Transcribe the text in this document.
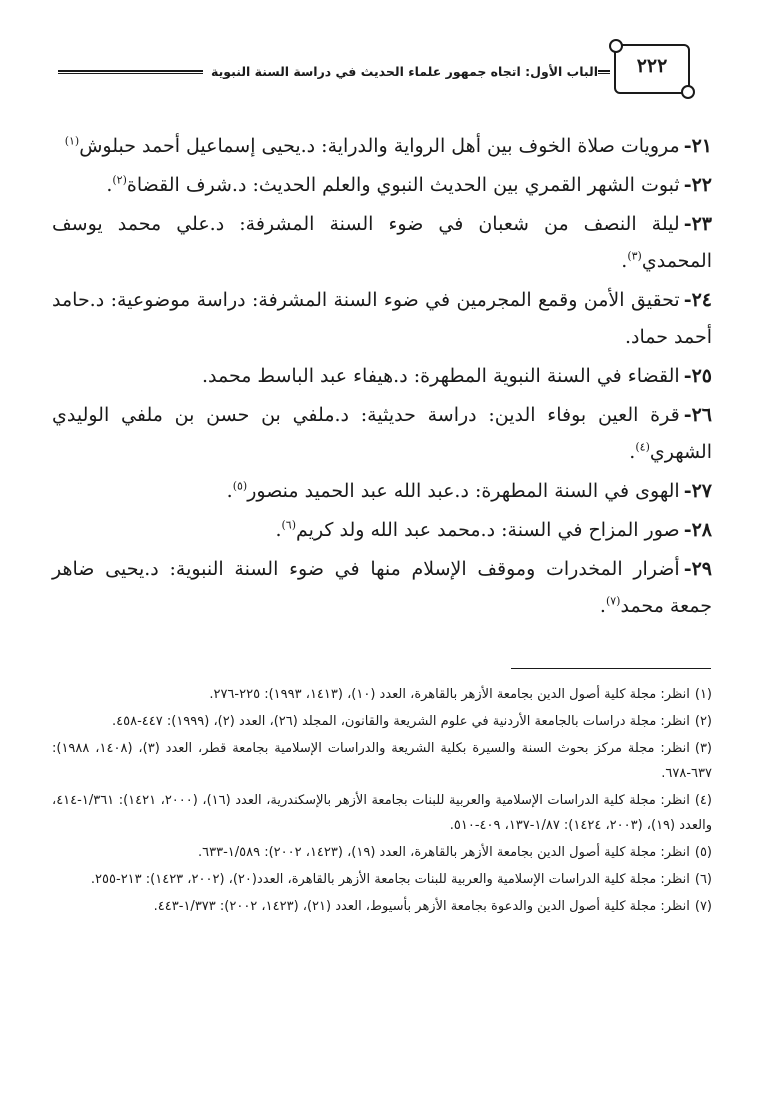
الباب الأول: اتجاه جمهور علماء الحديث في دراسة السنة النبوية	٢٢٢

٢١-مرويات صلاة الخوف بين أهل الرواية والدراية: د.يحيى إسماعيل أحمد حبلوش$^{(١)}$

٢٢-ثبوت الشهر القمري بين الحديث النبوي والعلم الحديث: د.شرف القضاة$^{(٢)}$.

٢٣-ليلة النصف من شعبان في ضوء السنة المشرفة: د.علي محمد يوسف المحمدي$^{(٣)}$.

٢٤-تحقيق الأمن وقمع المجرمين في ضوء السنة المشرفة: دراسة موضوعية: د.حامد أحمد حماد.

٢٥-القضاء في السنة النبوية المطهرة: د.هيفاء عبد الباسط محمد.

٢٦-قرة العين بوفاء الدين: دراسة حديثية: د.ملفي بن حسن بن ملفي الوليدي الشهري$^{(٤)}$.

٢٧-الهوى في السنة المطهرة: د.عبد الله عبد الحميد منصور$^{(٥)}$.

٢٨-صور المزاح في السنة: د.محمد عبد الله ولد كريم$^{(٦)}$.

٢٩-أضرار المخدرات وموقف الإسلام منها في ضوء السنة النبوية: د.يحيى ضاهر جمعة محمد$^{(٧)}$.

(١)انظر: مجلة كلية أصول الدين بجامعة الأزهر بالقاهرة، العدد (١٠)، (١٤١٣، ١٩٩٣): ٢٢٥-٢٧٦.

(٢)انظر: مجلة دراسات بالجامعة الأردنية في علوم الشريعة والقانون، المجلد (٢٦)، العدد (٢)، (١٩٩٩): ٤٤٧-٤٥٨.

(٣)انظر: مجلة مركز بحوث السنة والسيرة بكلية الشريعة والدراسات الإسلامية بجامعة قطر، العدد (٣)، (١٤٠٨، ١٩٨٨): ٦٣٧-٦٧٨.

(٤)انظر: مجلة كلية الدراسات الإسلامية والعربية للبنات بجامعة الأزهر بالإسكندرية، العدد (١٦)، (٢٠٠٠، ١٤٢١): ١/٣٦١-٤١٤، والعدد (١٩)، (٢٠٠٣، ١٤٢٤): ١/٨٧-١٣٧، ٤٠٩-٥١٠.

(٥)انظر: مجلة كلية أصول الدين بجامعة الأزهر بالقاهرة، العدد (١٩)، (١٤٢٣، ٢٠٠٢): ١/٥٨٩-٦٣٣.

(٦)انظر: مجلة كلية الدراسات الإسلامية والعربية للبنات بجامعة الأزهر بالقاهرة، العدد(٢٠)، (٢٠٠٢، ١٤٢٣): ٢١٣-٢٥٥.

(٧)انظر: مجلة كلية أصول الدين والدعوة بجامعة الأزهر بأسيوط، العدد (٢١)، (١٤٢٣، ٢٠٠٢): ١/٣٧٣-٤٤٣.
